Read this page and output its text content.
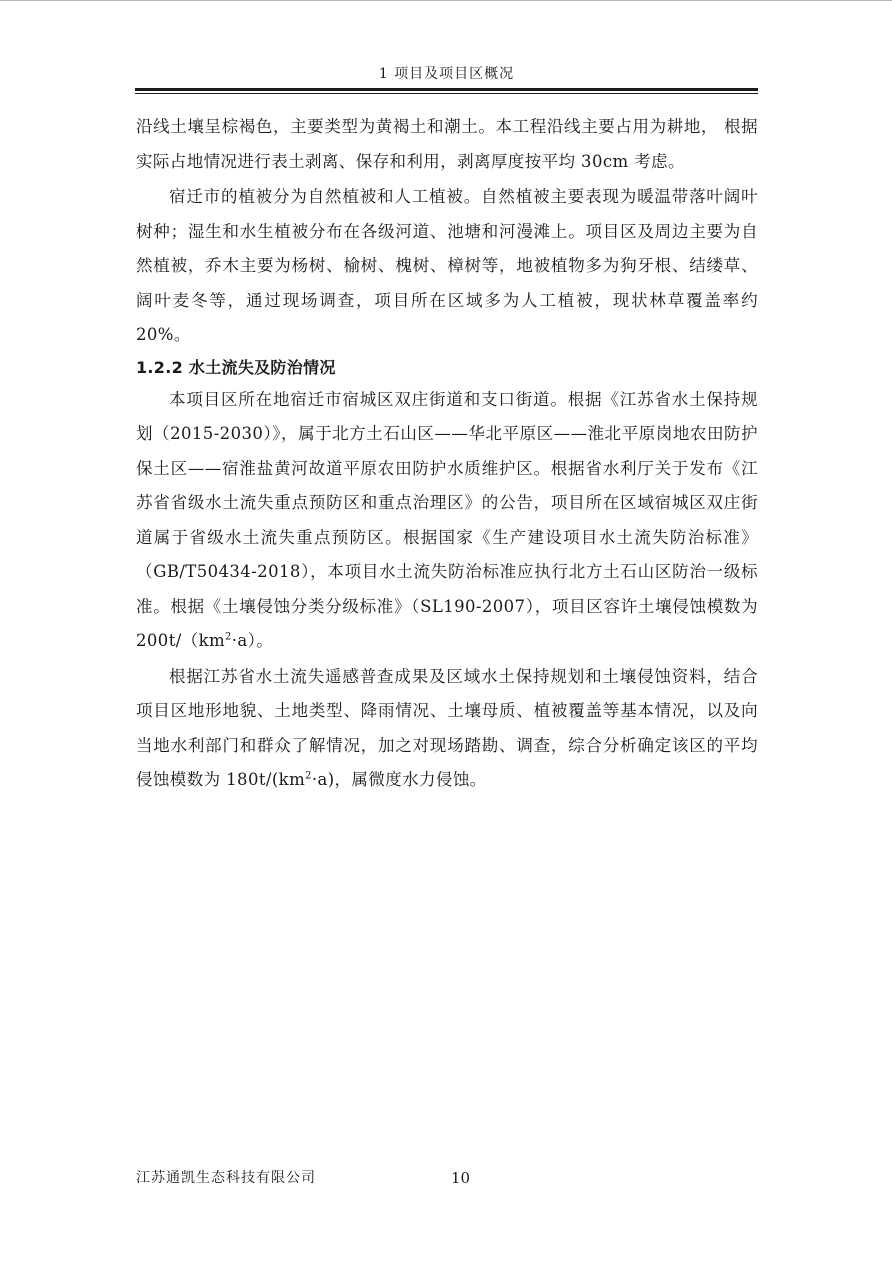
1 项目及项目区概况

沿线土壤呈棕褐色，主要类型为黄褐土和潮土。本工程沿线主要占用为耕地， 根据实际占地情况进行表土剥离、保存和利用，剥离厚度按平均 30cm 考虑。

宿迁市的植被分为自然植被和人工植被。自然植被主要表现为暖温带落叶阔叶树种；湿生和水生植被分布在各级河道、池塘和河漫滩上。项目区及周边主要为自然植被，乔木主要为杨树、榆树、槐树、樟树等，地被植物多为狗牙根、结缕草、阔叶麦冬等，通过现场调查，项目所在区域多为人工植被，现状林草覆盖率约 20%。

1.2.2 水土流失及防治情况

本项目区所在地宿迁市宿城区双庄街道和支口街道。根据《江苏省水土保持规划（2015-2030）》，属于北方土石山区——华北平原区——淮北平原岗地农田防护保土区——宿淮盐黄河故道平原农田防护水质维护区。根据省水利厅关于发布《江苏省省级水土流失重点预防区和重点治理区》的公告，项目所在区域宿城区双庄街道属于省级水土流失重点预防区。根据国家《生产建设项目水土流失防治标准》（GB/T50434-2018），本项目水土流失防治标准应执行北方土石山区防治一级标准。根据《土壤侵蚀分类分级标准》（SL190-2007），项目区容许土壤侵蚀模数为 $200t/(km^2\cdot a)$。

根据江苏省水土流失遥感普查成果及区域水土保持规划和土壤侵蚀资料，结合项目区地形地貌、土地类型、降雨情况、土壤母质、植被覆盖等基本情况，以及向当地水利部门和群众了解情况，加之对现场踏勘、调查，综合分析确定该区的平均侵蚀模数为 $180t/(km^2\cdot a)$，属微度水力侵蚀。

江苏通凯生态科技有限公司	10
